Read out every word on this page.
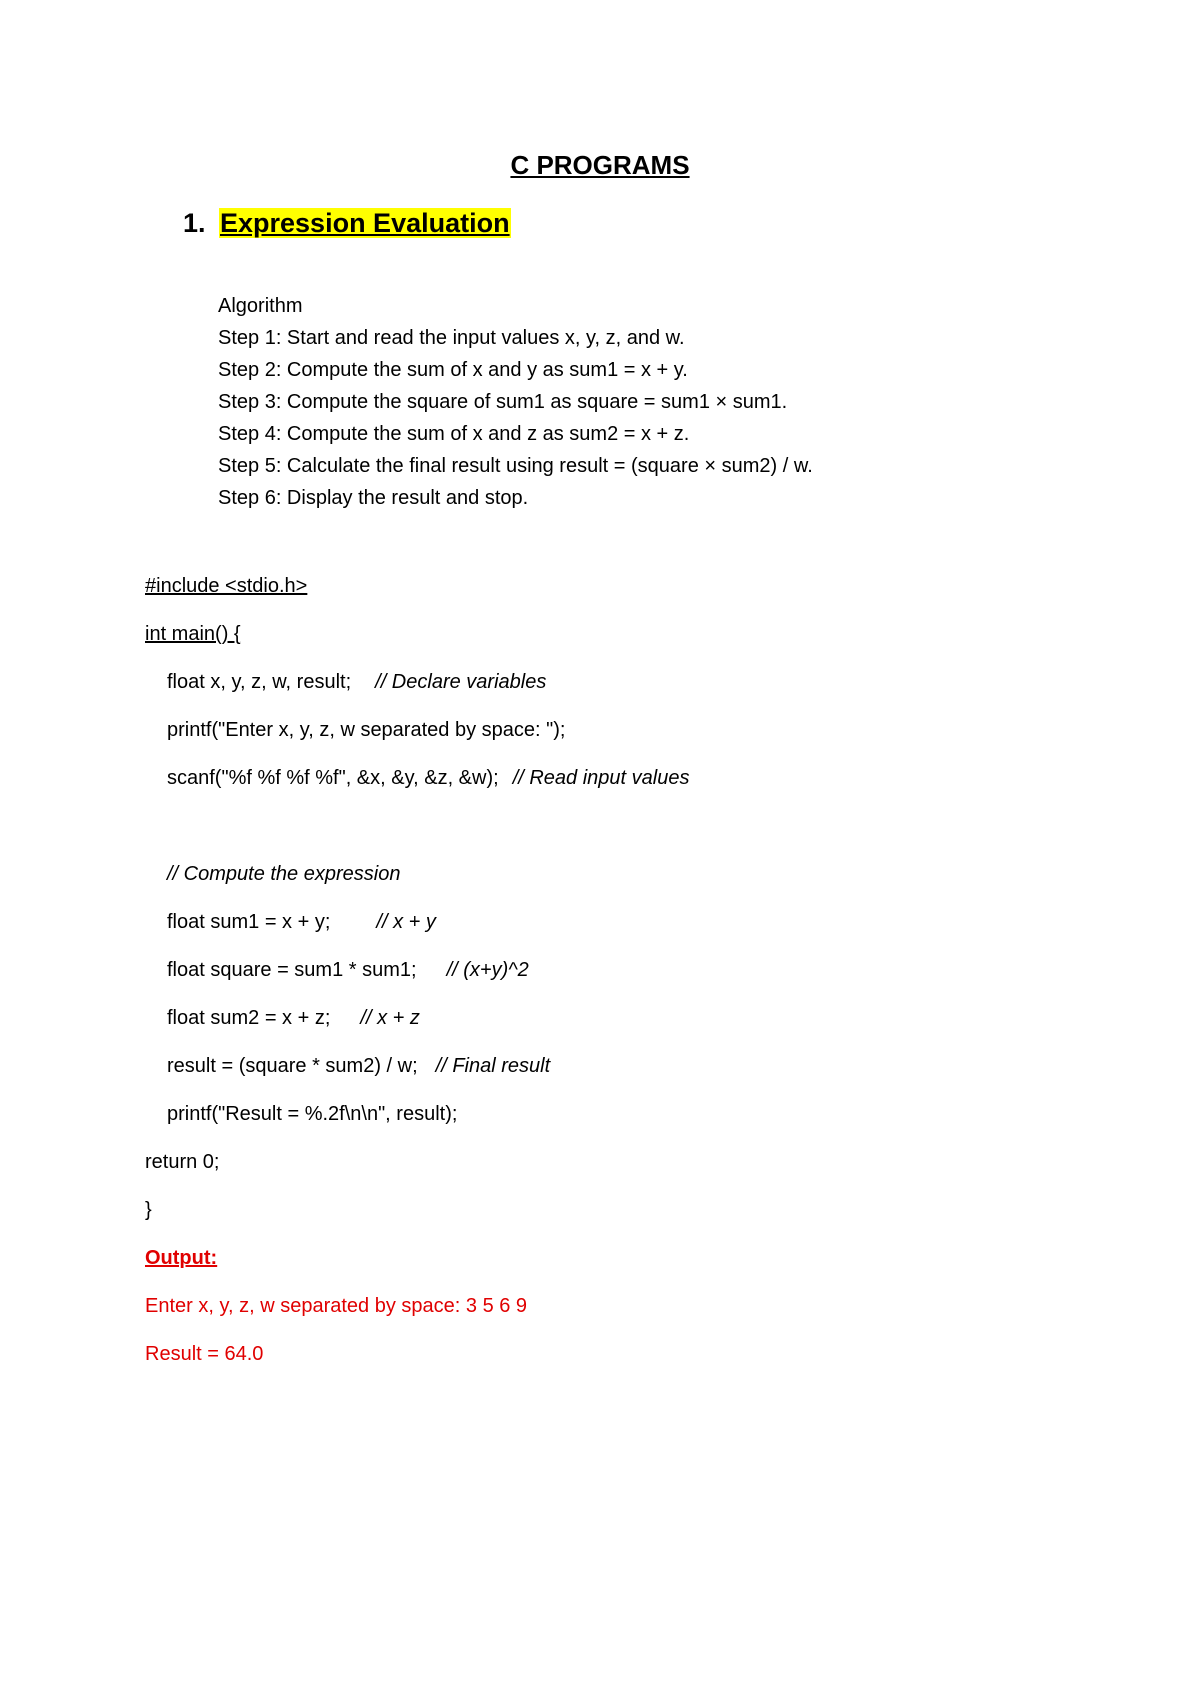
C PROGRAMS
1. Expression Evaluation
Algorithm
Step 1: Start and read the input values x, y, z, and w.
Step 2: Compute the sum of x and y as sum1 = x + y.
Step 3: Compute the square of sum1 as square = sum1 × sum1.
Step 4: Compute the sum of x and z as sum2 = x + z.
Step 5: Calculate the final result using result = (square × sum2) / w.
Step 6: Display the result and stop.
#include <stdio.h>
int main() {
float x, y, z, w, result; // Declare variables
printf("Enter x, y, z, w separated by space: ");
scanf("%f %f %f %f", &x, &y, &z, &w); // Read input values
// Compute the expression
float sum1 = x + y; // x + y
float square = sum1 * sum1; // (x+y)^2
float sum2 = x + z; // x + z
result = (square * sum2) / w; // Final result
printf("Result = %.2f\n\n", result);
return 0;
}
Output:
Enter x, y, z, w separated by space: 3 5 6 9
Result = 64.0
